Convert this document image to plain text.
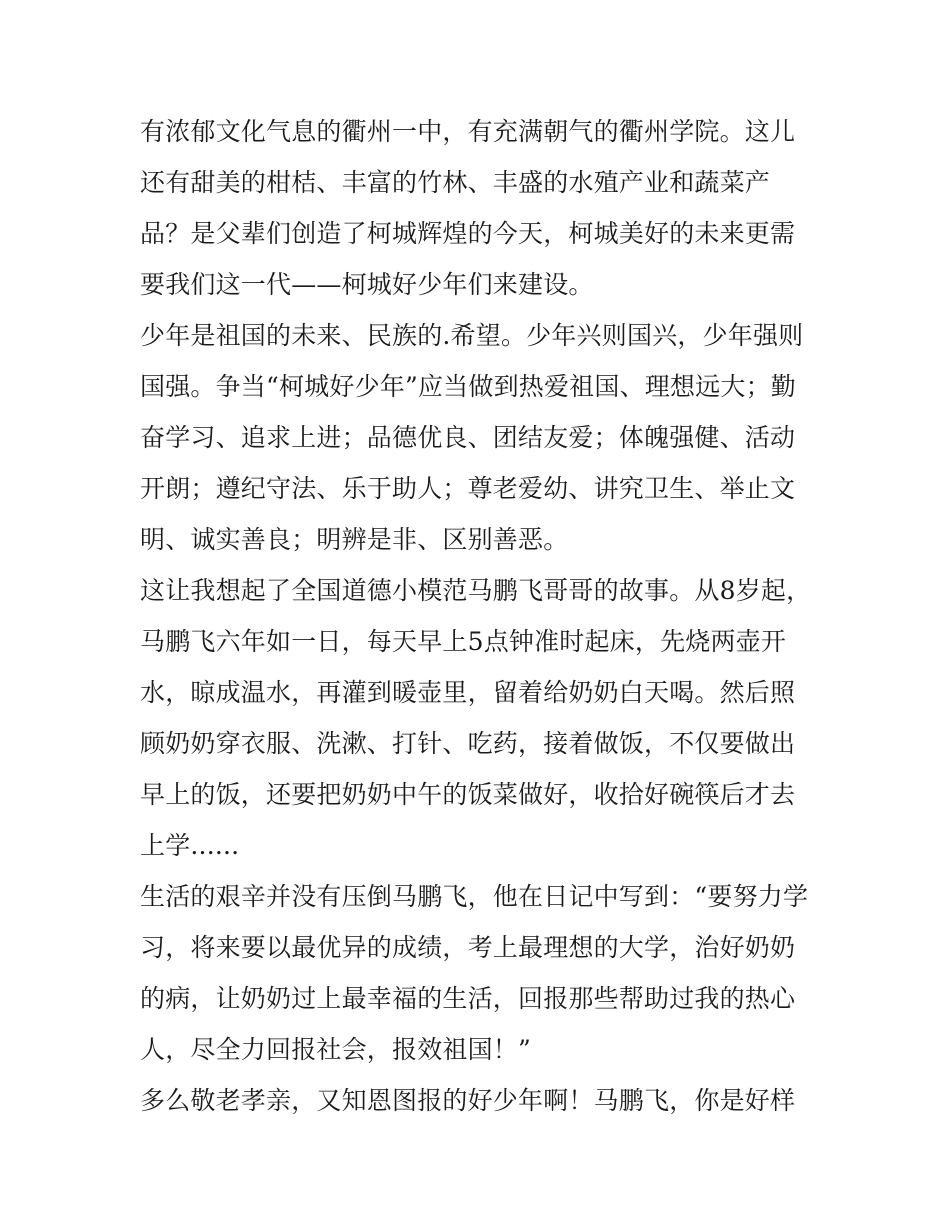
有浓郁文化气息的衢州一中，有充满朝气的衢州学院。这儿还有甜美的柑桔、丰富的竹林、丰盛的水殖产业和蔬菜产品？是父辈们创造了柯城辉煌的今天，柯城美好的未来更需要我们这一代——柯城好少年们来建设。

少年是祖国的未来、民族的.希望。少年兴则国兴，少年强则国强。争当“柯城好少年”应当做到热爱祖国、理想远大；勤奋学习、追求上进；品德优良、团结友爱；体魄强健、活动开朗；遵纪守法、乐于助人；尊老爱幼、讲究卫生、举止文明、诚实善良；明辨是非、区别善恶。

这让我想起了全国道德小模范马鹏飞哥哥的故事。从8岁起，马鹏飞六年如一日，每天早上5点钟准时起床，先烧两壶开水，晾成温水，再灌到暖壶里，留着给奶奶白天喝。然后照顾奶奶穿衣服、洗漱、打针、吃药，接着做饭，不仅要做出早上的饭，还要把奶奶中午的饭菜做好，收拾好碗筷后才去上学......

生活的艰辛并没有压倒马鹏飞，他在日记中写到：“要努力学习，将来要以最优异的成绩，考上最理想的大学，治好奶奶的病，让奶奶过上最幸福的生活，回报那些帮助过我的热心人，尽全力回报社会，报效祖国！”

多么敬老孝亲，又知恩图报的好少年啊！马鹏飞，你是好样
